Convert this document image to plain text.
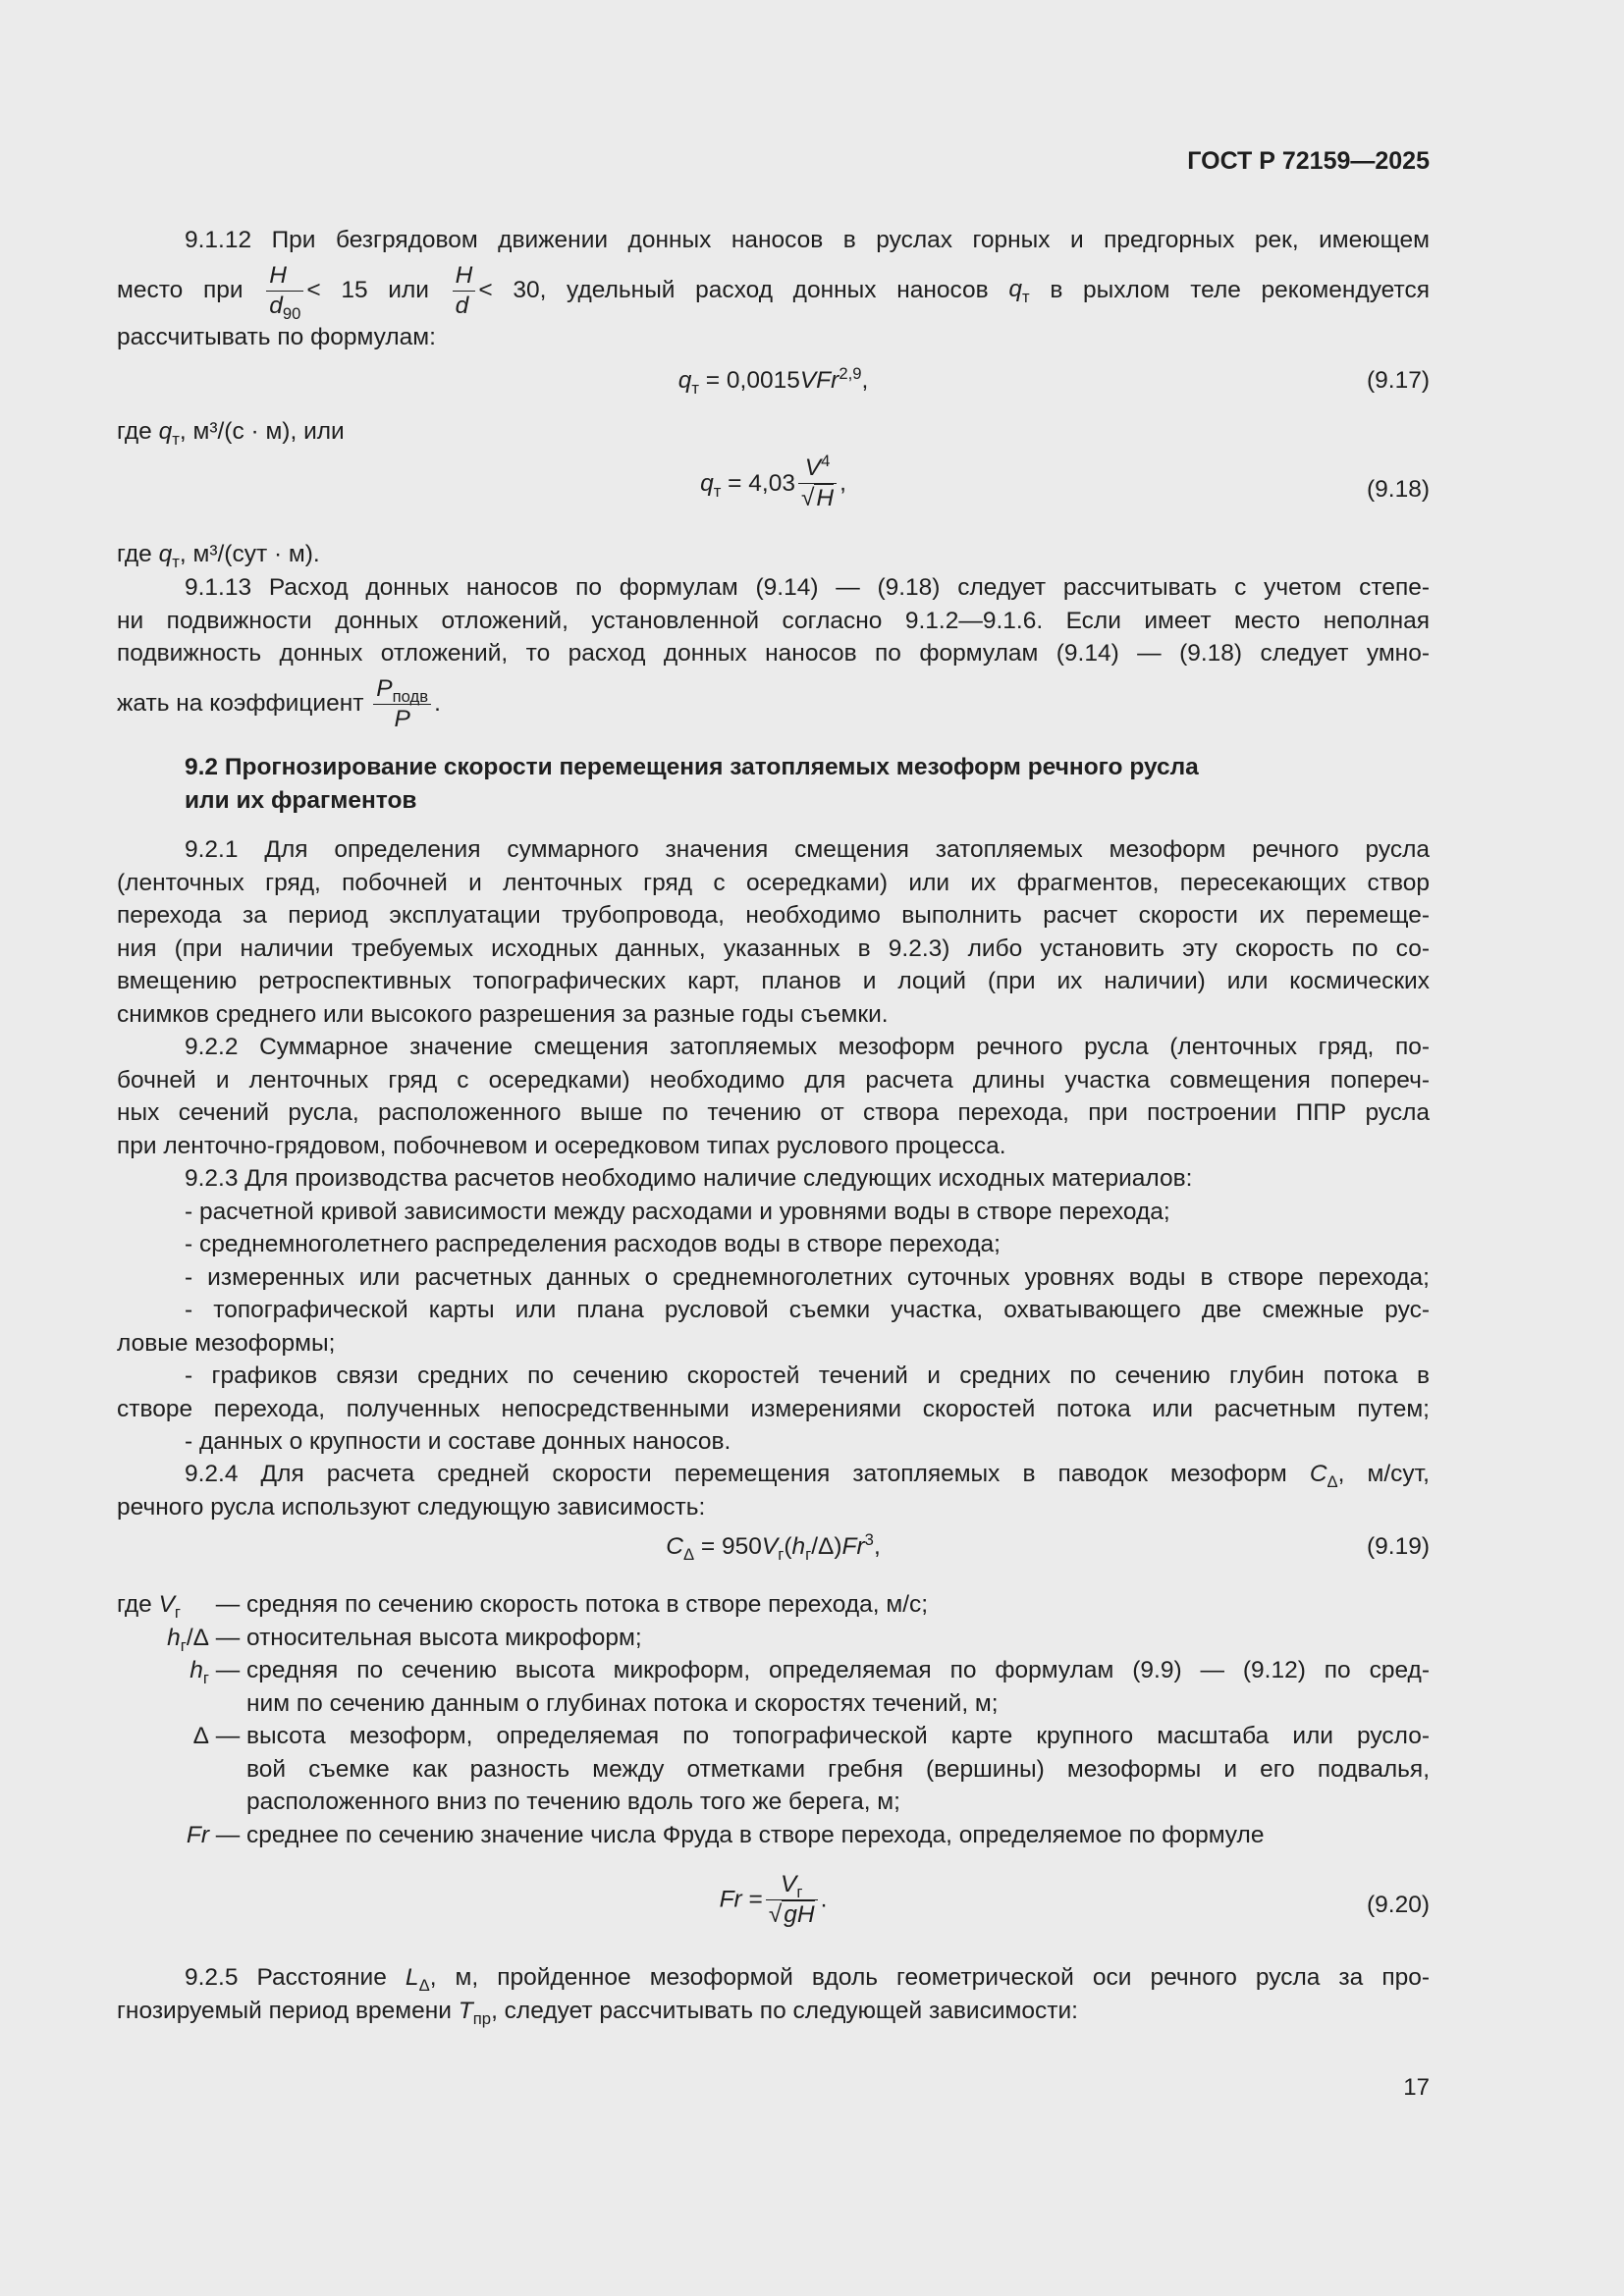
ГОСТ Р 72159—2025
9.1.12 При безгрядовом движении донных наносов в руслах горных и предгорных рек, имеющем
место при $\frac{H}{d_{90}} < 15$ или $\frac{H}{d} < 30$, удельный расход донных наносов $q_т$ в рыхлом теле рекомендуется
рассчитывать по формулам:
$q_т = 0,0015VFr^{2,9}$,	(9.17)
где $q_т$, м³/(с · м), или
$q_т = 4,03 \frac{V^4}{√H}$ ,	(9.18)
где $q_т$, м³/(сут · м).
9.1.13 Расход донных наносов по формулам (9.14) — (9.18) следует рассчитывать с учетом степе-
ни подвижности донных отложений, установленной согласно 9.1.2—9.1.6. Если имеет место неполная
подвижность донных отложений, то расход донных наносов по формулам (9.14) — (9.18) следует умно-
жать на коэффициент $\frac{P_{подв}}{P}$ .
9.2 Прогнозирование скорости перемещения затопляемых мезоформ речного русла
или их фрагментов
9.2.1 Для определения суммарного значения смещения затопляемых мезоформ речного русла
(ленточных гряд, побочней и ленточных гряд с осередками) или их фрагментов, пересекающих створ
перехода за период эксплуатации трубопровода, необходимо выполнить расчет скорости их перемеще-
ния (при наличии требуемых исходных данных, указанных в 9.2.3) либо установить эту скорость по со-
вмещению ретроспективных топографических карт, планов и лоций (при их наличии) или космических
снимков среднего или высокого разрешения за разные годы съемки.
9.2.2 Суммарное значение смещения затопляемых мезоформ речного русла (ленточных гряд, по-
бочней и ленточных гряд с осередками) необходимо для расчета длины участка совмещения попереч-
ных сечений русла, расположенного выше по течению от створа перехода, при построении ППР русла
при ленточно-грядовом, побочневом и осередковом типах руслового процесса.
9.2.3 Для производства расчетов необходимо наличие следующих исходных материалов:
- расчетной кривой зависимости между расходами и уровнями воды в створе перехода;
- среднемноголетнего распределения расходов воды в створе перехода;
- измеренных или расчетных данных о среднемноголетних суточных уровнях воды в створе перехода;
- топографической карты или плана русловой съемки участка, охватывающего две смежные рус-
ловые мезоформы;
- графиков связи средних по сечению скоростей течений и средних по сечению глубин потока в
створе перехода, полученных непосредственными измерениями скоростей потока или расчетным путем;
- данных о крупности и составе донных наносов.
9.2.4 Для расчета средней скорости перемещения затопляемых в паводок мезоформ $C_\Delta$, м/сут,
речного русла используют следующую зависимость:
$C_\Delta = 950V_г(h_г/\Delta)Fr^3$,	(9.19)
где $V_г$	— средняя по сечению скорость потока в створе перехода, м/с;
$h_г/\Delta$ — относительная высота микроформ;
$h_г$ — средняя по сечению высота микроформ, определяемая по формулам (9.9) — (9.12) по сред-
ним по сечению данным о глубинах потока и скоростях течений, м;
Δ — высота мезоформ, определяемая по топографической карте крупного масштаба или русло-
вой съемке как разность между отметками гребня (вершины) мезоформы и его подвалья,
расположенного вниз по течению вдоль того же берега, м;
Fr — среднее по сечению значение числа Фруда в створе перехода, определяемое по формуле
$Fr = \frac{V_г}{√gH}$ .	(9.20)
9.2.5 Расстояние $L_\Delta$, м, пройденное мезоформой вдоль геометрической оси речного русла за про-
гнозируемый период времени $T_{пр}$, следует рассчитывать по следующей зависимости:
17
